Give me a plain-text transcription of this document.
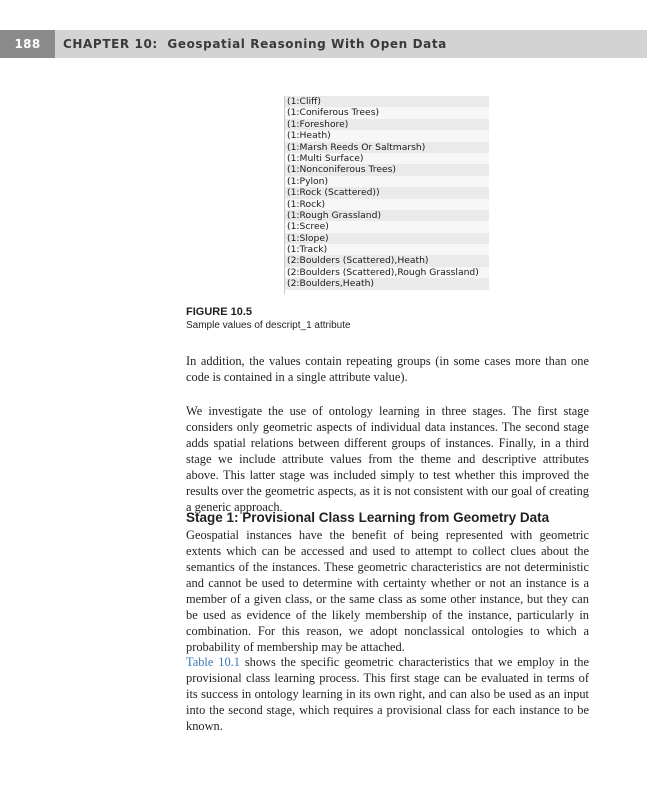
188	CHAPTER 10:  Geospatial Reasoning With Open Data
(1:Cliff)
(1:Coniferous Trees)
(1:Foreshore)
(1:Heath)
(1:Marsh Reeds Or Saltmarsh)
(1:Multi Surface)
(1:Nonconiferous Trees)
(1:Pylon)
(1:Rock (Scattered))
(1:Rock)
(1:Rough Grassland)
(1:Scree)
(1:Slope)
(1:Track)
(2:Boulders (Scattered),Heath)
(2:Boulders (Scattered),Rough Grassland)
(2:Boulders,Heath)
FIGURE 10.5
Sample values of descript_1 attribute

In addition, the values contain repeating groups (in some cases more than one code is contained in a single attribute value).

We investigate the use of ontology learning in three stages. The first stage considers only geometric aspects of individual data instances. The second stage adds spatial relations between different groups of instances. Finally, in a third stage we include attribute values from the theme and descriptive attributes above. This latter stage was included simply to test whether this improved the results over the geometric aspects, as it is not consistent with our goal of creating a generic approach.

Stage 1: Provisional Class Learning from Geometry Data

Geospatial instances have the benefit of being represented with geometric extents which can be accessed and used to attempt to collect clues about the semantics of the instances. These geometric characteristics are not deterministic and cannot be used to determine with certainty whether or not an instance is a member of a given class, or the same class as some other instance, but they can be used as evidence of the likely membership of the instance, particularly in combination. For this reason, we adopt nonclassical ontologies to which a probability of membership may be attached.

Table 10.1 shows the specific geometric characteristics that we employ in the provisional class learning process. This first stage can be evaluated in terms of its success in ontology learning in its own right, and can also be used as an input into the second stage, which requires a provisional class for each instance to be known.
